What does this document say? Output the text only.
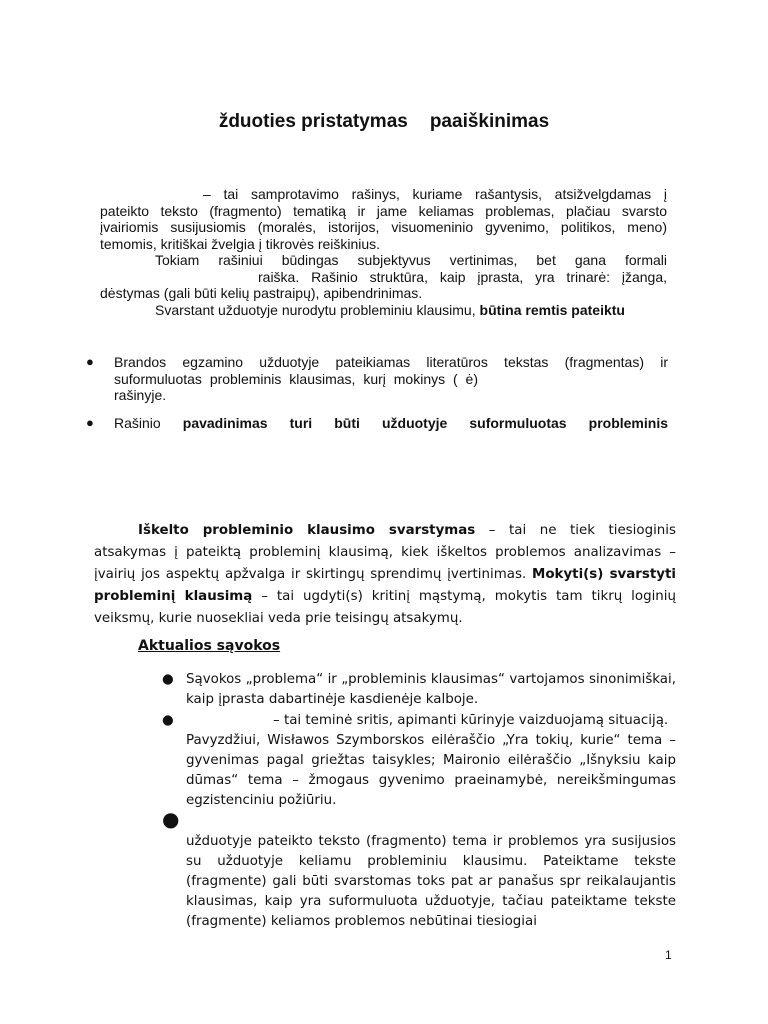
žduoties pristatymas paaiškinimas
– tai samprotavimo rašinys, kuriame rašantysis, atsižvelgdamas į
pateikto teksto (fragmento) tematiką ir jame keliamas problemas, plačiau svarsto
įvairiomis susijusiomis (moralės, istorijos, visuomeninio gyvenimo, politikos, meno)
temomis, kritiškai žvelgia į tikrovės reiškinius.
Tokiam rašiniui būdingas subjektyvus vertinimas, bet gana formali
raiška. Rašinio struktūra, kaip įprasta, yra trinarė: įžanga,
dėstymas (gali būti kelių pastraipų), apibendrinimas.
Svarstant užduotyje nurodytu probleminiu klausimu, būtina remtis pateiktu
● Brandos egzamino užduotyje pateikiamas literatūros tekstas (fragmentas) ir
suformuluotas probleminis klausimas, kurį mokinys ( ė)
rašinyje.
● Rašinio pavadinimas turi būti užduotyje suformuluotas probleminis

Iškelto probleminio klausimo svarstymas – tai ne tiek tiesioginis atsakymas į pateiktą probleminį klausimą, kiek iškeltos problemos analizavimas – įvairių jos aspektų apžvalga ir skirtingų sprendimų įvertinimas. Mokyti(s) svarstyti probleminį klausimą – tai ugdyti(s) kritinį mąstymą, mokytis tam tikrų loginių veiksmų, kurie nuosekliai veda prie teisingų atsakymų.

Aktualios sąvokos
● Sąvokos „problema“ ir „probleminis klausimas“ vartojamos sinonimiškai, kaip įprasta dabartinėje kasdienėje kalboje.
●	– tai teminė sritis, apimanti kūrinyje vaizduojamą situaciją.
Pavyzdžiui, Wisławos Szymborskos eilėraščio „Yra tokių, kurie“ tema – gyvenimas pagal griežtas taisykles; Maironio eilėraščio „Išnyksiu kaip dūmas“ tema – žmogaus gyvenimo praeinamybė, nereikšmingumas egzistenciniu požiūriu.
●
užduotyje pateikto teksto (fragmento) tema ir problemos yra susijusios su užduotyje keliamu probleminiu klausimu. Pateiktame tekste (fragmente) gali būti svarstomas toks pat ar panašus spr reikalaujantis klausimas, kaip yra suformuluota užduotyje, tačiau pateiktame tekste (fragmente) keliamos problemos nebūtinai tiesiogiai
1
